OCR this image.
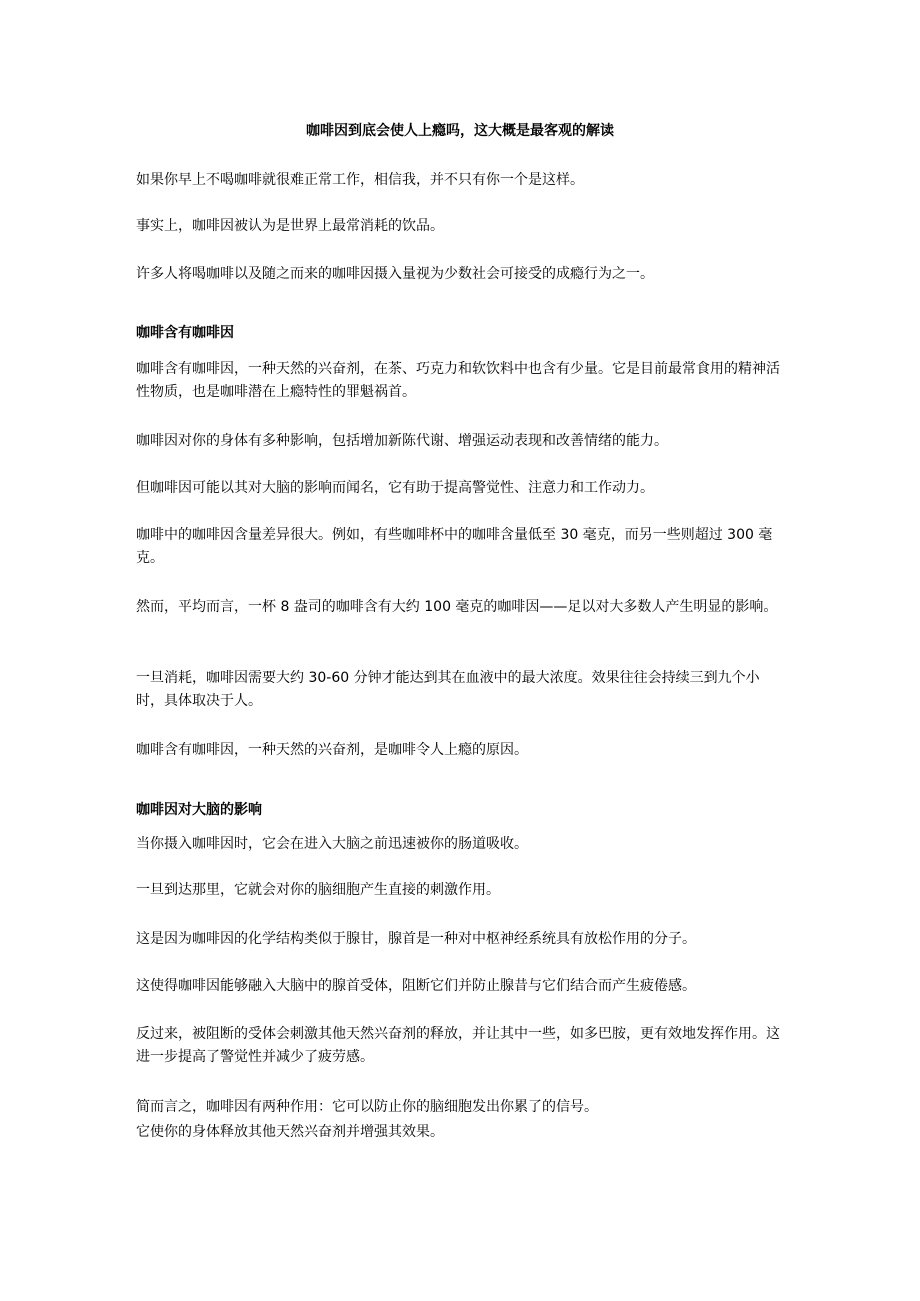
咖啡因到底会使人上瘾吗，这大概是最客观的解读

如果你早上不喝咖啡就很难正常工作，相信我，并不只有你一个是这样。

事实上，咖啡因被认为是世界上最常消耗的饮品。

许多人将喝咖啡以及随之而来的咖啡因摄入量视为少数社会可接受的成瘾行为之一。

咖啡含有咖啡因

咖啡含有咖啡因，一种天然的兴奋剂，在茶、巧克力和软饮料中也含有少量。它是目前最常食用的精神活性物质，也是咖啡潜在上瘾特性的罪魁祸首。

咖啡因对你的身体有多种影响，包括增加新陈代谢、增强运动表现和改善情绪的能力。

但咖啡因可能以其对大脑的影响而闻名，它有助于提高警觉性、注意力和工作动力。

咖啡中的咖啡因含量差异很大。例如，有些咖啡杯中的咖啡含量低至 30 毫克，而另一些则超过 300 毫克。

然而，平均而言，一杯 8 盎司的咖啡含有大约 100 毫克的咖啡因——足以对大多数人产生明显的影响。

一旦消耗，咖啡因需要大约 30-60 分钟才能达到其在血液中的最大浓度。效果往往会持续三到九个小时，具体取决于人。

咖啡含有咖啡因，一种天然的兴奋剂，是咖啡令人上瘾的原因。

咖啡因对大脑的影响

当你摄入咖啡因时，它会在进入大脑之前迅速被你的肠道吸收。

一旦到达那里，它就会对你的脑细胞产生直接的刺激作用。

这是因为咖啡因的化学结构类似于腺甘，腺首是一种对中枢神经系统具有放松作用的分子。

这使得咖啡因能够融入大脑中的腺首受体，阻断它们并防止腺昔与它们结合而产生疲倦感。

反过来，被阻断的受体会刺激其他天然兴奋剂的释放，并让其中一些，如多巴胺，更有效地发挥作用。这进一步提高了警觉性并减少了疲劳感。

简而言之，咖啡因有两种作用：它可以防止你的脑细胞发出你累了的信号。

它使你的身体释放其他天然兴奋剂并增强其效果。
